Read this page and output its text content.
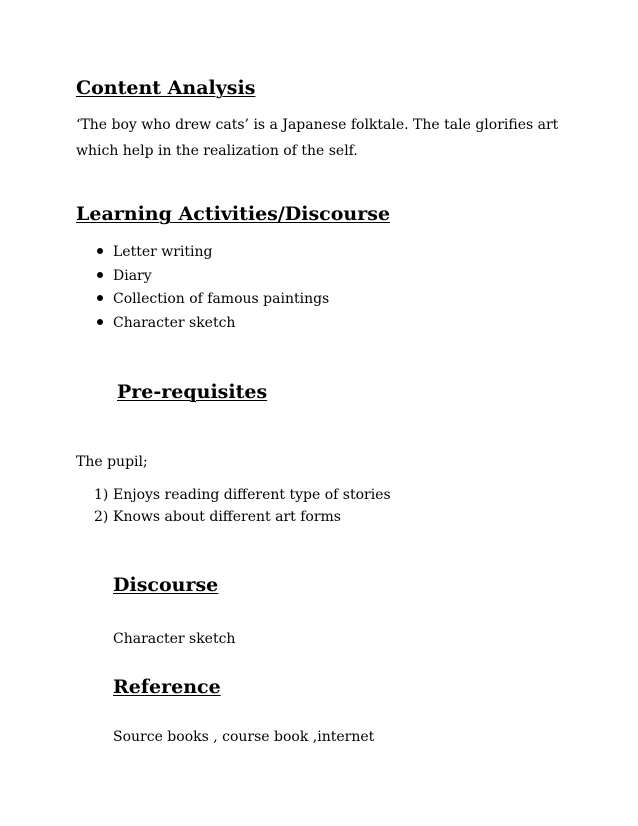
Content Analysis
‘The boy who drew cats’ is a Japanese folktale. The tale glorifies art
which help in the realization of the self.
Learning Activities/Discourse
Letter writing
Diary
Collection of famous paintings
Character sketch
Pre-requisites

The pupil;

1) Enjoys reading different type of stories
2) Knows about different art forms
Discourse

Character sketch

Reference

Source books , course book ,internet
